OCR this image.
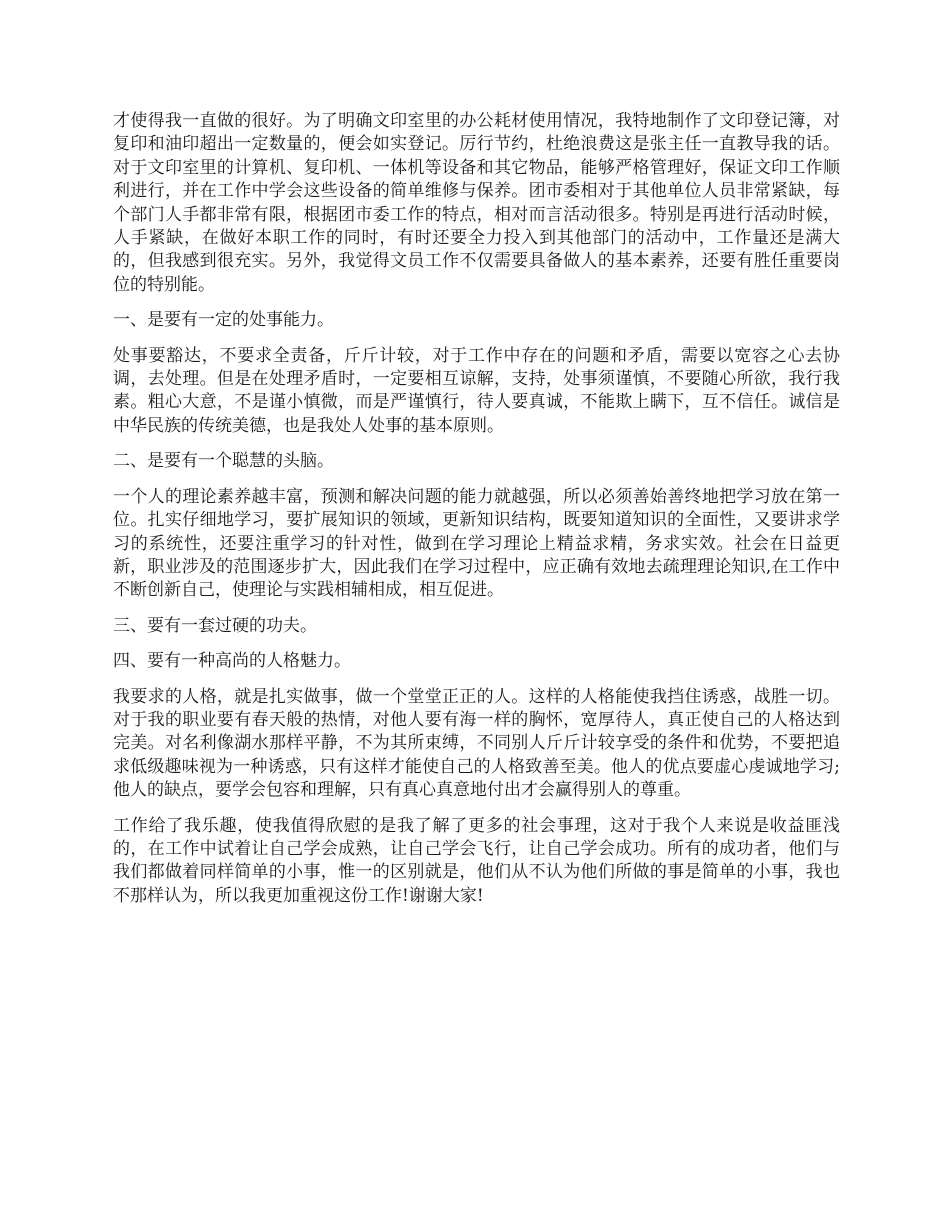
才使得我一直做的很好。为了明确文印室里的办公耗材使用情况，我特地制作了文印登记簿，对复印和油印超出一定数量的，便会如实登记。厉行节约，杜绝浪费这是张主任一直教导我的话。对于文印室里的计算机、复印机、一体机等设备和其它物品，能够严格管理好，保证文印工作顺利进行，并在工作中学会这些设备的简单维修与保养。团市委相对于其他单位人员非常紧缺，每个部门人手都非常有限，根据团市委工作的特点，相对而言活动很多。特别是再进行活动时候，人手紧缺，在做好本职工作的同时，有时还要全力投入到其他部门的活动中，工作量还是满大的，但我感到很充实。另外，我觉得文员工作不仅需要具备做人的基本素养，还要有胜任重要岗位的特别能。

一、是要有一定的处事能力。

处事要豁达，不要求全责备，斤斤计较，对于工作中存在的问题和矛盾，需要以宽容之心去协调，去处理。但是在处理矛盾时，一定要相互谅解，支持，处事须谨慎，不要随心所欲，我行我素。粗心大意，不是谨小慎微，而是严谨慎行，待人要真诚，不能欺上瞒下，互不信任。诚信是中华民族的传统美德，也是我处人处事的基本原则。

二、是要有一个聪慧的头脑。

一个人的理论素养越丰富，预测和解决问题的能力就越强，所以必须善始善终地把学习放在第一位。扎实仔细地学习，要扩展知识的领域，更新知识结构，既要知道知识的全面性，又要讲求学习的系统性，还要注重学习的针对性，做到在学习理论上精益求精，务求实效。社会在日益更新，职业涉及的范围逐步扩大，因此我们在学习过程中，应正确有效地去疏理理论知识,在工作中不断创新自己，使理论与实践相辅相成，相互促进。

三、要有一套过硬的功夫。

四、要有一种高尚的人格魅力。

我要求的人格，就是扎实做事，做一个堂堂正正的人。这样的人格能使我挡住诱惑，战胜一切。对于我的职业要有春天般的热情，对他人要有海一样的胸怀，宽厚待人，真正使自己的人格达到完美。对名利像湖水那样平静，不为其所束缚，不同别人斤斤计较享受的条件和优势，不要把追求低级趣味视为一种诱惑，只有这样才能使自己的人格致善至美。他人的优点要虚心虔诚地学习;他人的缺点，要学会包容和理解，只有真心真意地付出才会赢得别人的尊重。

工作给了我乐趣，使我值得欣慰的是我了解了更多的社会事理，这对于我个人来说是收益匪浅的，在工作中试着让自己学会成熟，让自己学会飞行，让自己学会成功。所有的成功者，他们与我们都做着同样简单的小事，惟一的区别就是，他们从不认为他们所做的事是简单的小事，我也不那样认为，所以我更加重视这份工作!谢谢大家!
